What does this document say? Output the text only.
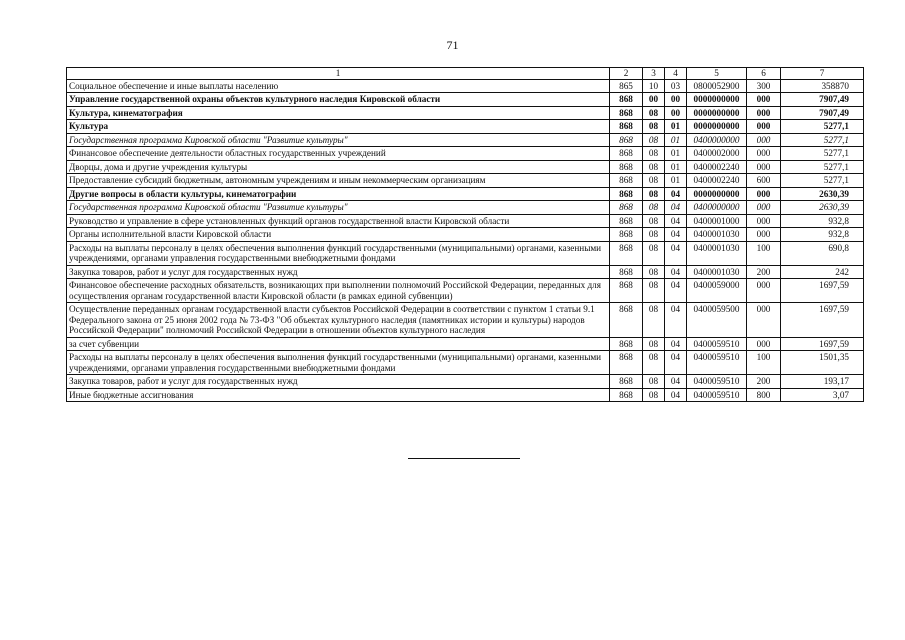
71
1	2	3	4	5	6	7
Социальное обеспечение и иные выплаты населению	865	10	03	0800052900	300	358870
Управление государственной охраны объектов культурного наследия Кировской области	868	00	00	0000000000	000	7907,49
Культура, кинематография	868	08	00	0000000000	000	7907,49
Культура	868	08	01	0000000000	000	5277,1
Государственная программа Кировской области "Развитие культуры"	868	08	01	0400000000	000	5277,1
Финансовое обеспечение деятельности областных государственных учреждений	868	08	01	0400002000	000	5277,1
Дворцы, дома и другие учреждения культуры	868	08	01	0400002240	000	5277,1
Предоставление субсидий бюджетным, автономным учреждениям и иным некоммерческим организациям	868	08	01	0400002240	600	5277,1
Другие вопросы в области культуры, кинематографии	868	08	04	0000000000	000	2630,39
Государственная программа Кировской области "Развитие культуры"	868	08	04	0400000000	000	2630,39
Руководство и управление в сфере установленных функций органов государственной власти Кировской области	868	08	04	0400001000	000	932,8
Органы исполнительной власти Кировской области	868	08	04	0400001030	000	932,8
Расходы на выплаты персоналу в целях обеспечения выполнения функций государственными (муниципальными) органами, казенными учреждениями, органами управления государственными внебюджетными фондами	868	08	04	0400001030	100	690,8
Закупка товаров, работ и услуг для государственных нужд	868	08	04	0400001030	200	242
Финансовое обеспечение расходных обязательств, возникающих при выполнении полномочий Российской Федерации, переданных для осуществления органам государственной власти Кировской области (в рамках единой субвенции)	868	08	04	0400059000	000	1697,59
Осуществление переданных органам государственной власти субъектов Российской Федерации в соответствии с пунктом 1 статьи 9.1 Федерального закона от 25 июня 2002 года № 73-ФЗ "Об объектах культурного наследия (памятниках истории и культуры) народов Российской Федерации" полномочий Российской Федерации в отношении объектов культурного наследия	868	08	04	0400059500	000	1697,59
за счет субвенции	868	08	04	0400059510	000	1697,59
Расходы на выплаты персоналу в целях обеспечения выполнения функций государственными (муниципальными) органами, казенными учреждениями, органами управления государственными внебюджетными фондами	868	08	04	0400059510	100	1501,35
Закупка товаров, работ и услуг для государственных нужд	868	08	04	0400059510	200	193,17
Иные бюджетные ассигнования	868	08	04	0400059510	800	3,07
